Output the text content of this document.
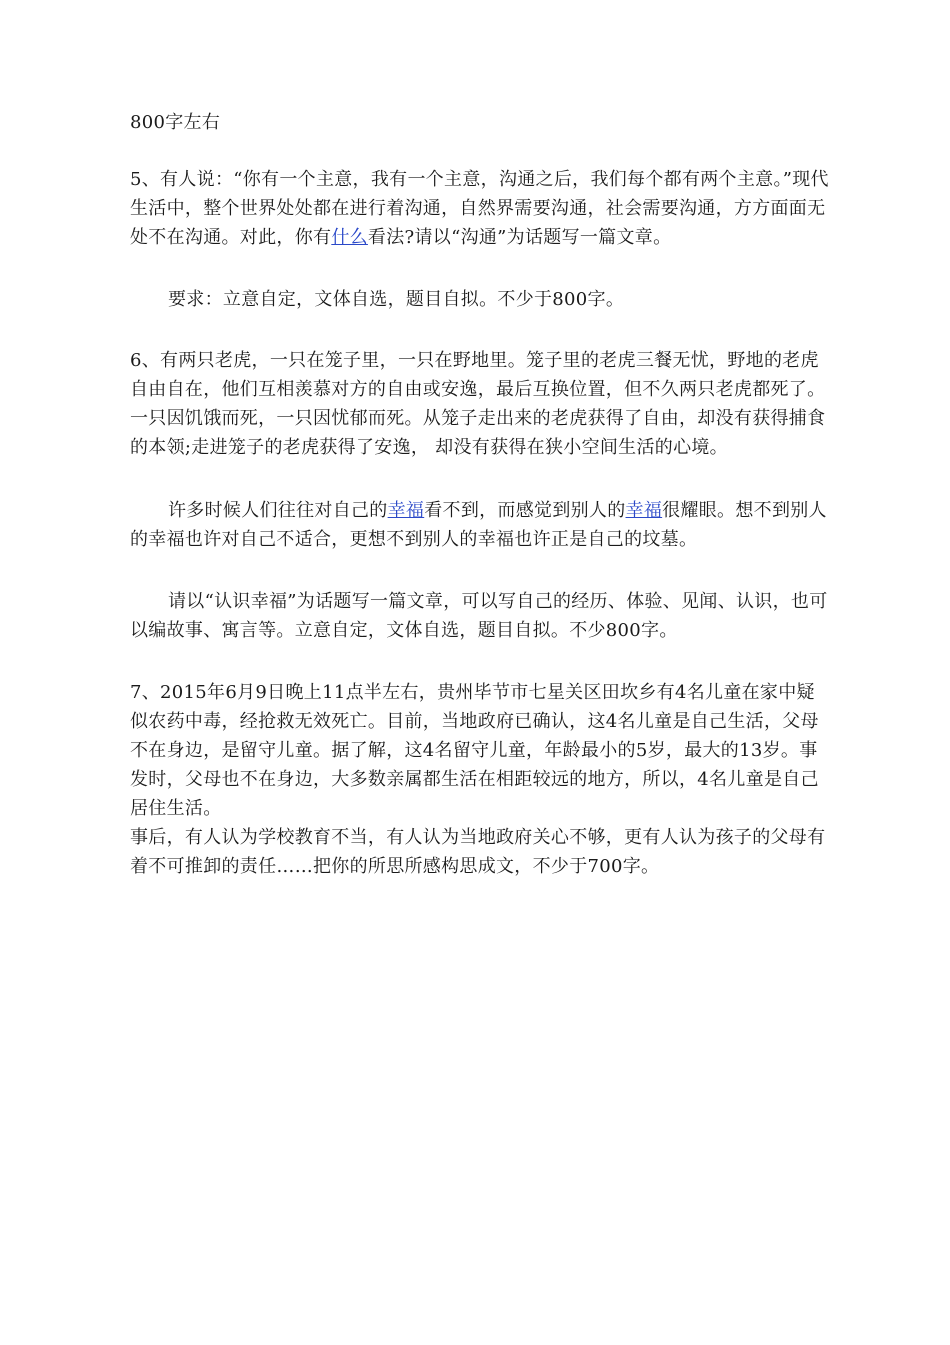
800字左右

5、有人说：“你有一个主意，我有一个主意，沟通之后，我们每个都有两个主意。”现代生活中，整个世界处处都在进行着沟通，自然界需要沟通，社会需要沟通，方方面面无处不在沟通。对此，你有什么看法?请以“沟通”为话题写一篇文章。

要求：立意自定，文体自选，题目自拟。不少于800字。

6、有两只老虎，一只在笼子里，一只在野地里。笼子里的老虎三餐无忧，野地的老虎自由自在，他们互相羡慕对方的自由或安逸，最后互换位置，但不久两只老虎都死了。一只因饥饿而死，一只因忧郁而死。从笼子走出来的老虎获得了自由，却没有获得捕食的本领;走进笼子的老虎获得了安逸， 却没有获得在狭小空间生活的心境。

许多时候人们往往对自己的幸福看不到，而感觉到别人的幸福很耀眼。想不到别人的幸福也许对自己不适合，更想不到别人的幸福也许正是自己的坟墓。

请以“认识幸福”为话题写一篇文章，可以写自己的经历、体验、见闻、认识，也可以编故事、寓言等。立意自定，文体自选，题目自拟。不少800字。

7、2015年6月9日晚上11点半左右，贵州毕节市七星关区田坎乡有4名儿童在家中疑似农药中毒，经抢救无效死亡。目前，当地政府已确认，这4名儿童是自己生活，父母不在身边，是留守儿童。据了解，这4名留守儿童，年龄最小的5岁，最大的13岁。事发时，父母也不在身边，大多数亲属都生活在相距较远的地方，所以，4名儿童是自己居住生活。

事后，有人认为学校教育不当，有人认为当地政府关心不够，更有人认为孩子的父母有着不可推卸的责任……把你的所思所感构思成文，不少于700字。
